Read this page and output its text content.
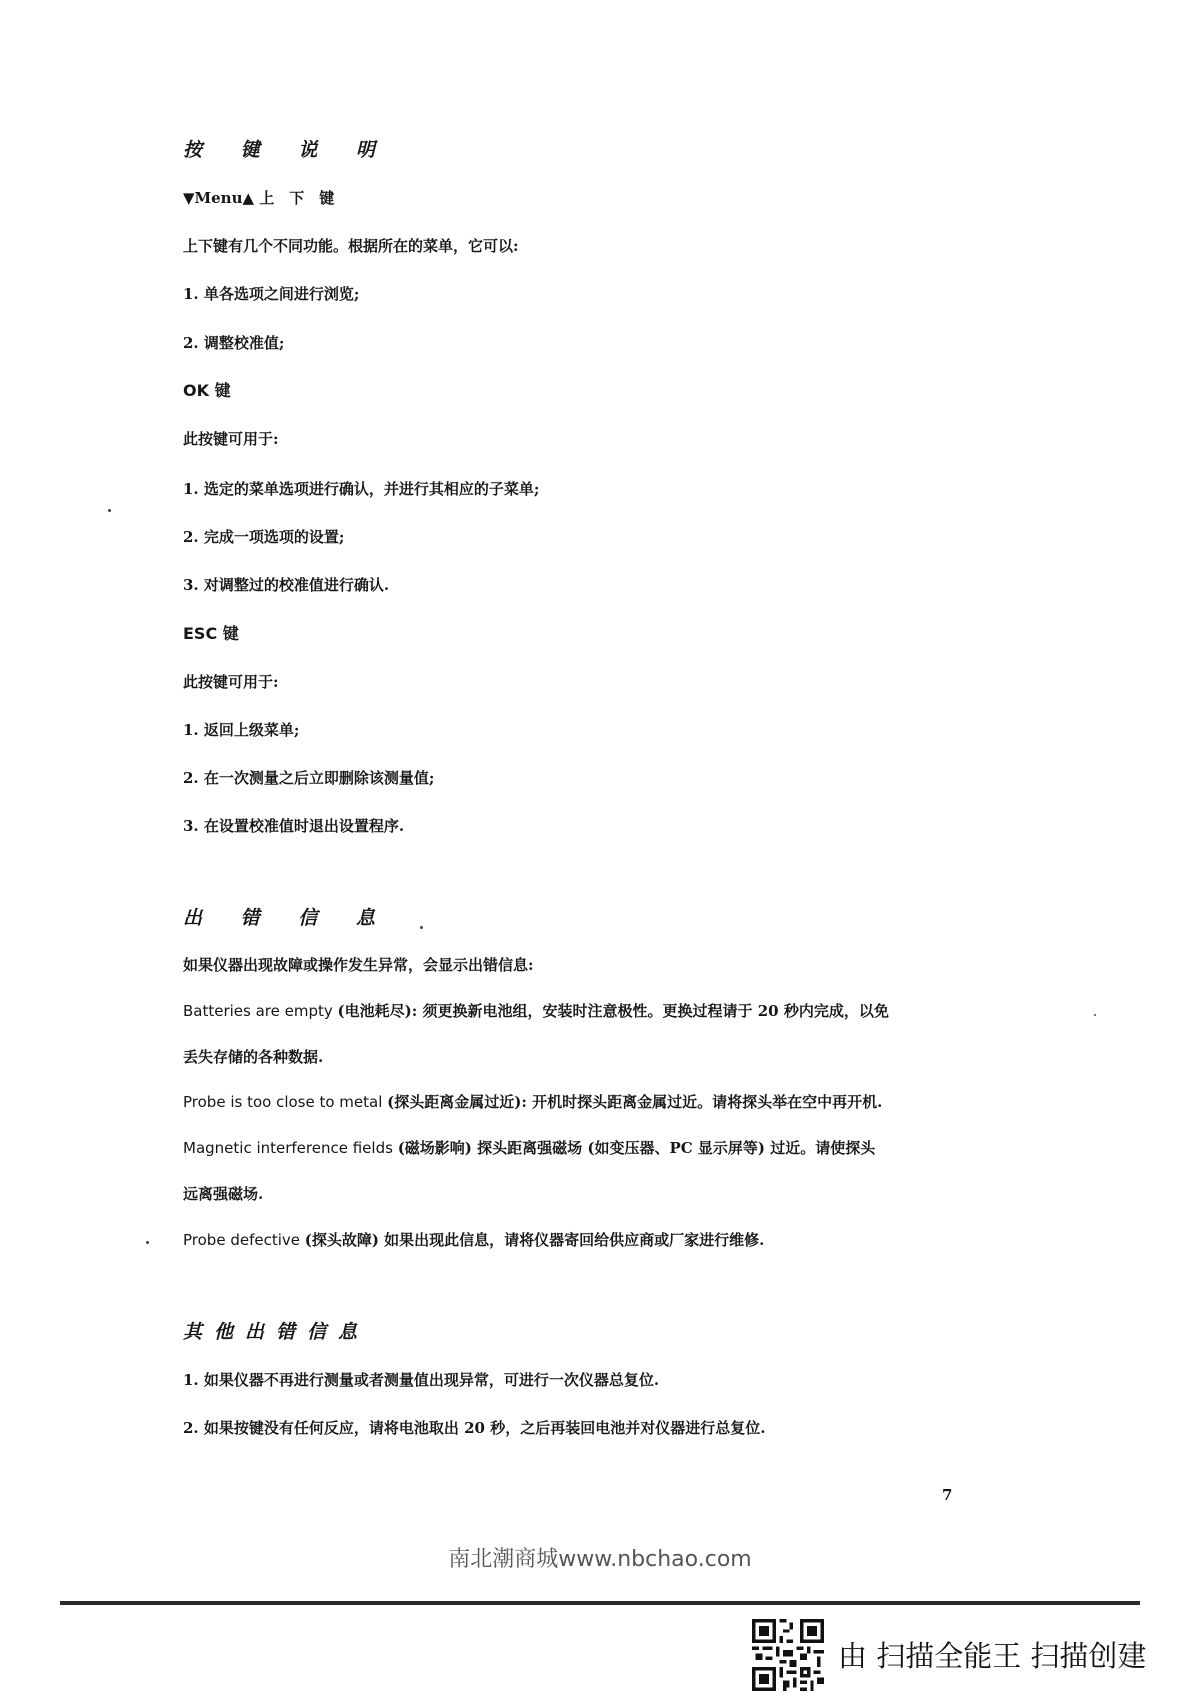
按 键 说 明
▼Menu▲ 上　下　键
上下键有几个不同功能。根据所在的菜单，它可以:
1. 单各选项之间进行浏览;
2. 调整校准值;
OK 键
此按键可用于:
1. 选定的菜单选项进行确认，并进行其相应的子菜单;
2. 完成一项选项的设置;
3. 对调整过的校准值进行确认.
ESC 键
此按键可用于:
1. 返回上级菜单;
2. 在一次测量之后立即删除该测量值;
3. 在设置校准值时退出设置程序.
出 错 信 息
如果仪器出现故障或操作发生异常，会显示出错信息:
Batteries are empty (电池耗尽): 须更换新电池组，安装时注意极性。更换过程请于 20 秒内完成，以免
丢失存储的各种数据.
Probe is too close to metal (探头距离金属过近): 开机时探头距离金属过近。请将探头举在空中再开机.
Magnetic interference fields (磁场影响) 探头距离强磁场 (如变压器、PC 显示屏等) 过近。请使探头
远离强磁场.
Probe defective (探头故障) 如果出现此信息，请将仪器寄回给供应商或厂家进行维修.
其他出错信息
1. 如果仪器不再进行测量或者测量值出现异常，可进行一次仪器总复位.
2. 如果按键没有任何反应，请将电池取出 20 秒，之后再装回电池并对仪器进行总复位.
7
南北潮商城www.nbchao.com
由 扫描全能王 扫描创建
